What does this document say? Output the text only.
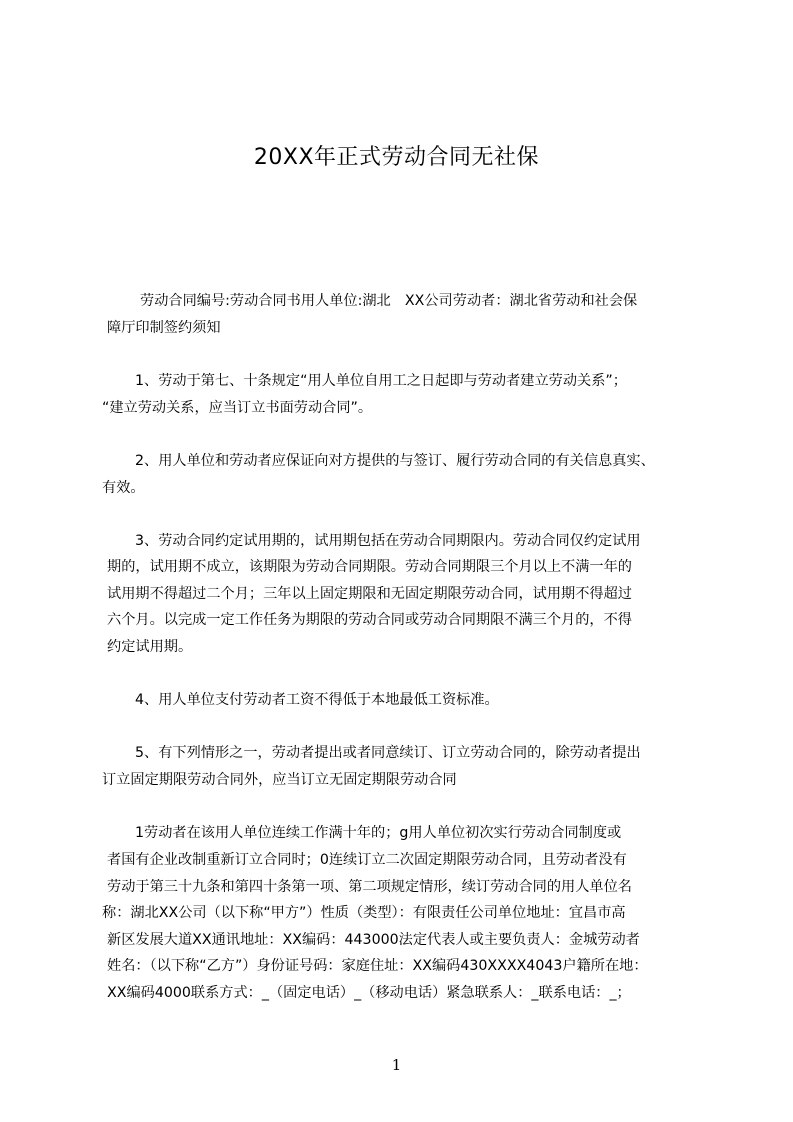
20XX年正式劳动合同无社保
劳动合同编号:劳动合同书用人单位:湖北　XX公司劳动者：湖北省劳动和社会保
障厅印制签约须知
1、劳动于第七、十条规定“用人单位自用工之日起即与劳动者建立劳动关系”；
“建立劳动关系，应当订立书面劳动合同”。
2、用人单位和劳动者应保证向对方提供的与签订、履行劳动合同的有关信息真实、
有效。
3、劳动合同约定试用期的，试用期包括在劳动合同期限内。劳动合同仅约定试用
期的，试用期不成立，该期限为劳动合同期限。劳动合同期限三个月以上不满一年的
试用期不得超过二个月；三年以上固定期限和无固定期限劳动合同，试用期不得超过
六个月。以完成一定工作任务为期限的劳动合同或劳动合同期限不满三个月的，不得
约定试用期。
4、用人单位支付劳动者工资不得低于本地最低工资标准。
5、有下列情形之一，劳动者提出或者同意续订、订立劳动合同的，除劳动者提出
订立固定期限劳动合同外，应当订立无固定期限劳动合同
1劳动者在该用人单位连续工作满十年的；g用人单位初次实行劳动合同制度或
者国有企业改制重新订立合同时；0连续订立二次固定期限劳动合同，且劳动者没有
劳动于第三十九条和第四十条第一项、第二项规定情形，续订劳动合同的用人单位名
称：湖北XX公司（以下称“甲方”）性质（类型）：有限责任公司单位地址：宜昌市高
新区发展大道XX通讯地址：XX编码：443000法定代表人或主要负责人：金城劳动者
姓名：（以下称“乙方”）身份证号码：家庭住址：XX编码430XXXX4043户籍所在地：
XX编码4000联系方式：_（固定电话）_（移动电话）紧急联系人：_联系电话：_；
1
